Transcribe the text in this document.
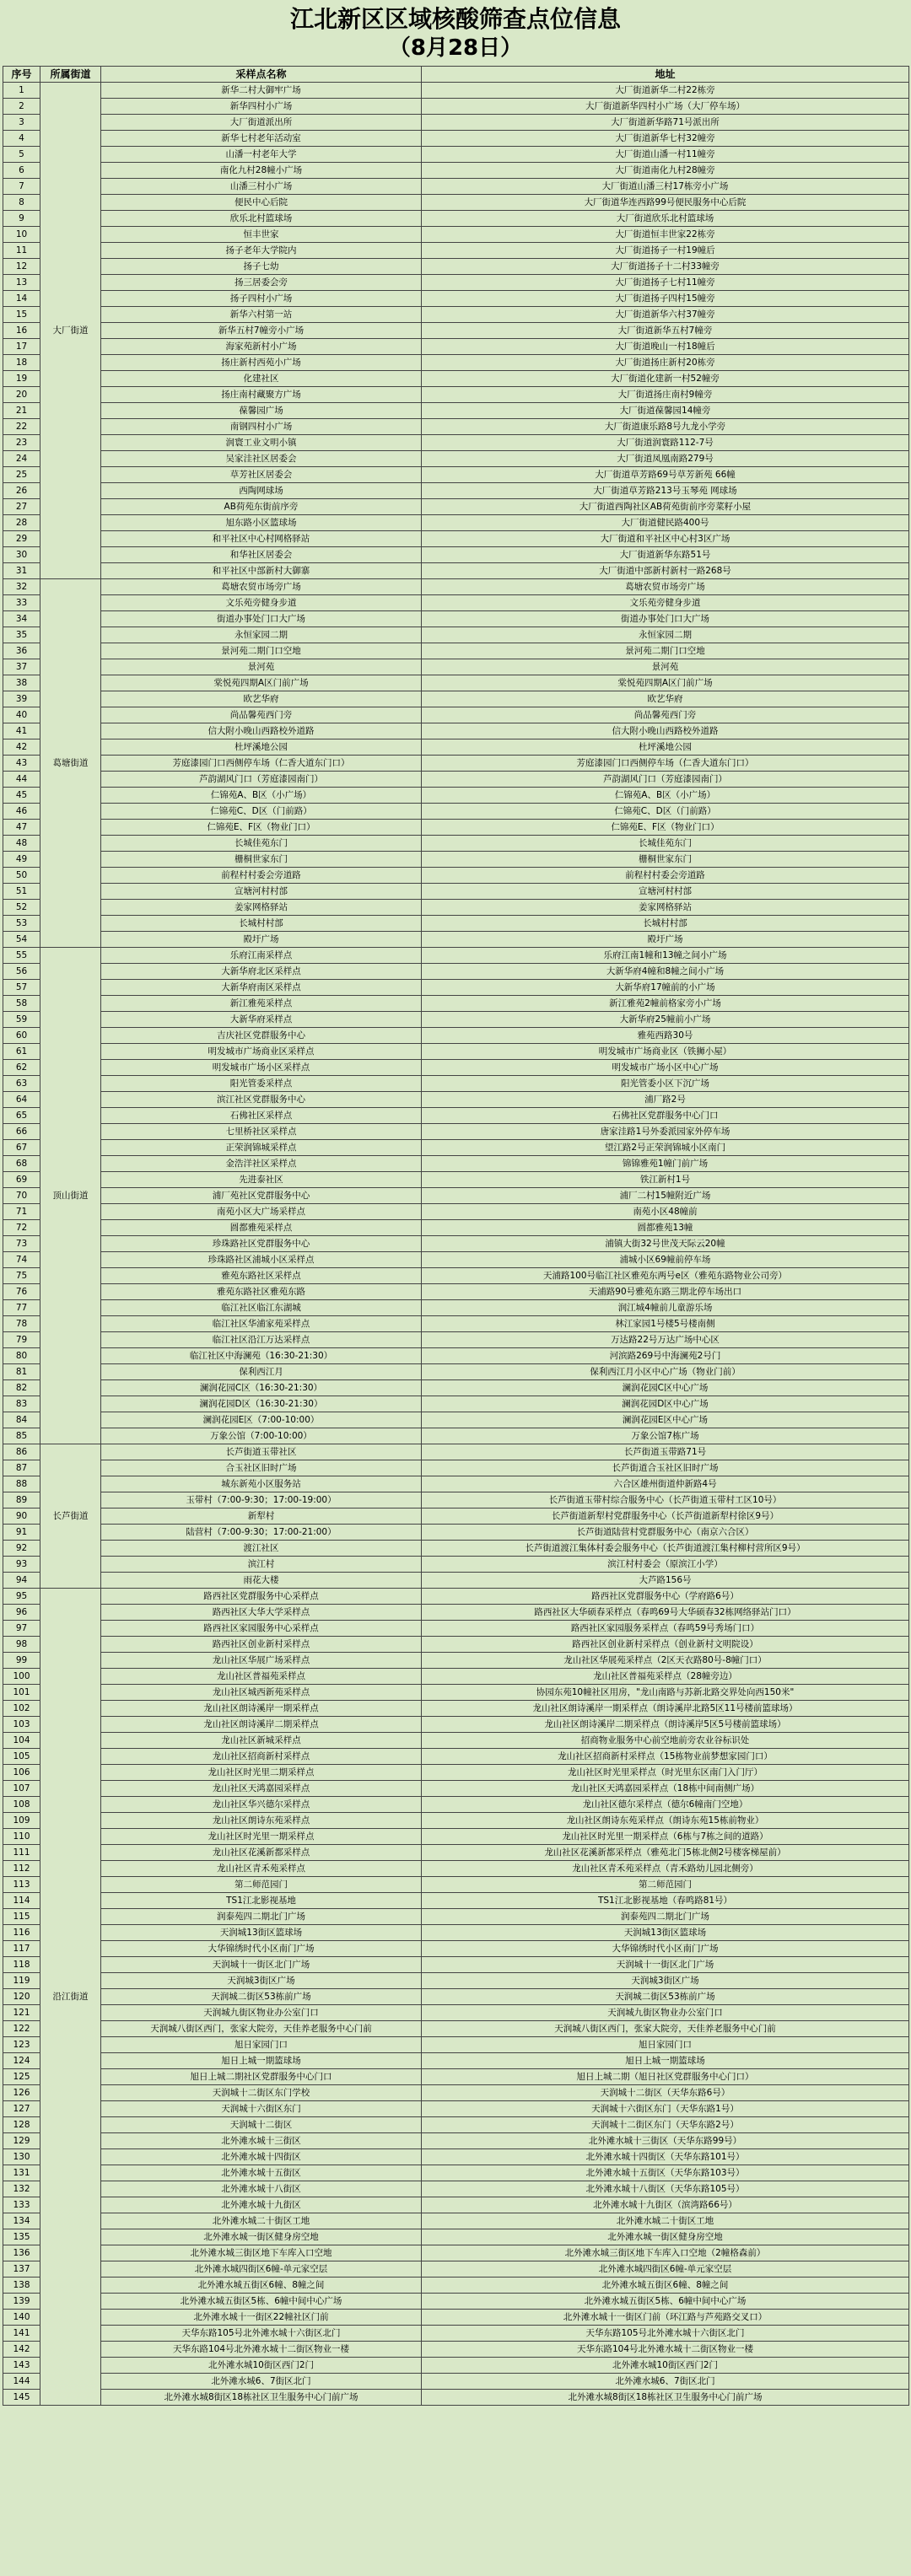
江北新区区域核酸筛查点位信息
（8月28日）
序号	所属街道	采样点名称	地址
1	大厂街道	新华二村大御牢广场	大厂街道新华二村22栋旁
2		新华四村小广场	大厂街道新华四村小广场（大厂停车场）
3		大厂街道派出所	大厂街道新华路71号派出所
4		新华七村老年活动室	大厂街道新华七村32幢旁
5		山潘一村老年大学	大厂街道山潘一村11幢旁
6		南化九村28幢小广场	大厂街道南化九村28幢旁
7		山潘三村小广场	大厂街道山潘三村17栋旁小广场
8		便民中心后院	大厂街道华连西路99号便民服务中心后院
9		欣乐北村篮球场	大厂街道欣乐北村篮球场
10		恒丰世家	大厂街道恒丰世家22栋旁
11		扬子老年大学院内	大厂街道扬子一村19幢后
12		扬子七幼	大厂街道扬子十二村33幢旁
13		扬三居委会旁	大厂街道扬子七村11幢旁
14		扬子四村小广场	大厂街道扬子四村15幢旁
15		新华六村第一站	大厂街道新华六村37幢旁
16		新华五村7幢旁小广场	大厂街道新华五村7幢旁
17		海家苑新村小广场	大厂街道晚山一村18幢后
18		扬庄新村西苑小广场	大厂街道扬庄新村20栋旁
19		化建社区	大厂街道化建新一村52幢旁
20		扬庄南村藏聚方广场	大厂街道扬庄南村9幢旁
21		葆馨园广场	大厂街道葆馨园14幢旁
22		南钢四村小广场	大厂街道康乐路8号九龙小学旁
23		润寰工业文明小镇	大厂街道润寰路112-7号
24		吴家洼社区居委会	大厂街道凤凰南路279号
25		草芳社区居委会	大厂街道草芳路69号草芳新苑 66幢
26		西陶网球场	大厂街道草芳路213号玉琴苑 网球场
27		AB荷苑东街前序旁	大厂街道西陶社区AB荷苑街前序旁菜籽小屋
28		旭东路小区篮球场	大厂街道健民路400号
29		和平社区中心村网格驿站	大厂街道和平社区中心村3区广场
30		和华社区居委会	大厂街道新华东路51号
31		和平社区中部新村大御寨	大厂街道中部新村新村一路268号
32	葛塘街道	葛塘农贸市场旁广场	葛塘农贸市场旁广场
33		文乐苑旁健身步道	文乐苑旁健身步道
34		街道办事处门口大广场	街道办事处门口大广场
35		永恒家园二期	永恒家园二期
36		景河苑二期门口空地	景河苑二期门口空地
37		景河苑	景河苑
38		棠悦苑四期A区门前广场	棠悦苑四期A区门前广场
39		欧艺华府	欧艺华府
40		尚品馨苑西门旁	尚品馨苑西门旁
41		信大附小晚山西路校外道路	信大附小晚山西路校外道路
42		杜坪溪地公园	杜坪溪地公园
43		芳庭漆园门口西侧停车场（仁香大道东门口）	芳庭漆园门口西侧停车场（仁香大道东门口）
44		芦韵湖风门口（芳庭漆园南门）	芦韵湖风门口（芳庭漆园南门）
45		仁锦苑A、B区（小广场）	仁锦苑A、B区（小广场）
46		仁锦苑C、D区（门前路）	仁锦苑C、D区（门前路）
47		仁锦苑E、F区（物业门口）	仁锦苑E、F区（物业门口）
48		长城佳苑东门	长城佳苑东门
49		栅桐世家东门	栅桐世家东门
50		前程村村委会旁道路	前程村村委会旁道路
51		宣塘河村村部	宣塘河村村部
52		姜家网格驿站	姜家网格驿站
53		长城村村部	长城村村部
54		殿圩广场	殿圩广场
55	顶山街道	乐府江南采样点	乐府江南1幢和13幢之间小广场
56		大新华府北区采样点	大新华府4幢和8幢之间小广场
57		大新华府南区采样点	大新华府17幢前的小广场
58		新江雅苑采样点	新江雅苑2幢前格家旁小广场
59		大新华府采样点	大新华府25幢前小广场
60		吉庆社区党群服务中心	雅苑西路30号
61		明发城市广场商业区采样点	明发城市广场商业区（铁狮小屋）
62		明发城市广场小区采样点	明发城市广场小区中心广场
63		阳光管委采样点	阳光管委小区下沉广场
64		滨江社区党群服务中心	浦厂路2号
65		石佛社区采样点	石佛社区党群服务中心门口
66		七里桥社区采样点	唐家洼路1号外委派园家外停车场
67		正荣润锦城采样点	望江路2号正荣润锦城小区南门
68		金浩洋社区采样点	锦锦雅苑1幢门前广场
69		先进泰社区	铁江新村1号
70		浦厂苑社区党群服务中心	浦厂二村15幢附近广场
71		南苑小区大广场采样点	南苑小区48幢前
72		圆都雅苑采样点	圆都雅苑13幢
73		珍珠路社区党群服务中心	浦镇大街32号世茂天际云20幢
74		珍珠路社区浦城小区采样点	浦城小区69幢前停车场
75		雅苑东路社区采样点	天浦路100号临江社区雅苑东两号e区（雅苑东路物业公司旁）
76		雅苑东路社区雅苑东路	天浦路90号雅苑东路三期北停车场出口
77		临江社区临江东湖城	润江城4幢前儿童游乐场
78		临江社区华浦家苑采样点	林江家园1号楼5号楼南侧
79		临江社区沿江万达采样点	万达路22号万达广场中心区
80		临江社区中海澜苑（16:30-21:30）	河滨路269号中海澜苑2号门
81		保利西江月	保利西江月小区中心广场（物业门前）
82		澜润花园C区（16:30-21:30）	澜润花园C区中心广场
83		澜润花园D区（16:30-21:30）	澜润花园D区中心广场
84		澜润花园E区（7:00-10:00）	澜润花园E区中心广场
85		万象公馆（7:00-10:00）	万象公馆7栋广场
86	长芦街道	长芦街道玉带社区	长芦街道玉带路71号
87		合玉社区旧时广场	长芦街道合玉社区旧时广场
88		城东新苑小区服务站	六合区雄州街道仲新路4号
89		玉带村（7:00-9:30；17:00-19:00）	长芦街道玉带村综合服务中心（长芦街道玉带村工区10号）
90		新犁村	长芦街道新犁村党群服务中心（长芦街道新犁村徐区9号）
91		陆营村（7:00-9:30；17:00-21:00）	长芦街道陆营村党群服务中心（南京六合区）
92		渡江社区	长芦街道渡江集体村委会服务中心（长芦街道渡江集村柳村营所区9号）
93		滨江村	滨江村村委会（原滨江小学）
94		雨花大楼	大芦路156号
95	沿江街道	路西社区党群服务中心采样点	路西社区党群服务中心（学府路6号）
96		路西社区大华大学采样点	路西社区大华硕春采样点（春鸣69号大华硕春32栋网络驿站门口）
97		路西社区家园服务中心采样点	路西社区家园服务采样点（春鸣59号秀场门口）
98		路西社区创业新村采样点	路西社区创业新村采样点（创业新村文明院设）
99		龙山社区华展广场采样点	龙山社区华展苑采样点（2区天衣路80号-8幢门口）
100		龙山社区普福苑采样点	龙山社区普福苑采样点（28幢旁边）
101		龙山社区城西新苑采样点	协园东苑10幢社区用房，"龙山南路与苏新北路交界处向西150米"
102		龙山社区朗诗溪岸一期采样点	龙山社区朗诗溪岸一期采样点（朗诗溪岸北路5区11号楼前篮球场）
103		龙山社区朗诗溪岸二期采样点	龙山社区朗诗溪岸二期采样点（朗诗溪岸5区5号楼前篮球场）
104		龙山社区新城采样点	招商物业服务中心前空地前旁农业谷标识处
105		龙山社区招商新村采样点	龙山社区招商新村采样点（15栋物业前梦想家园门口）
106		龙山社区时光里二期采样点	龙山社区时光里采样点（时光里东区南门入门厅）
107		龙山社区天鸿嘉园采样点	龙山社区天鸿嘉园采样点（18栋中间南侧广场）
108		龙山社区华兴德尔采样点	龙山社区德尔采样点（德尔6幢南门空地）
109		龙山社区朗诗东苑采样点	龙山社区朗诗东苑采样点（朗诗东苑15栋前物业）
110		龙山社区时光里一期采样点	龙山社区时光里一期采样点（6栋与7栋之间的道路）
111		龙山社区花溪新都采样点	龙山社区花溪新都采样点（雅苑北门5栋北侧2号楼客梯屋前）
112		龙山社区青禾苑采样点	龙山社区青禾苑采样点（青禾路幼儿园北侧旁）
113		第二师范园门	第二师范园门
114		TS1江北影视基地	TS1江北影视基地（春鸣路81号）
115		润泰苑四二期北门广场	润泰苑四二期北门广场
116		天润城13街区篮球场	天润城13街区篮球场
117		大华锦绣时代小区南门广场	大华锦绣时代小区南门广场
118		天润城十一街区北门广场	天润城十一街区北门广场
119		天润城3街区广场	天润城3街区广场
120		天润城二街区53栋前广场	天润城二街区53栋前广场
121		天润城九街区物业办公室门口	天润城九街区物业办公室门口
122		天润城八街区西门，张家大院旁，天佳养老服务中心门前	天润城八街区西门，张家大院旁，天佳养老服务中心门前
123		旭日家园门口	旭日家园门口
124		旭日上城一期篮球场	旭日上城一期篮球场
125		旭日上城二期社区党群服务中心门口	旭日上城二期（旭日社区党群服务中心门口）
126		天润城十二街区东门学校	天润城十二街区（天华东路6号）
127		天润城十六街区东门	天润城十六街区东门（天华东路1号）
128		天润城十二街区	天润城十二街区东门（天华东路2号）
129		北外滩水城十三街区	北外滩水城十三街区（天华东路99号）
130		北外滩水城十四街区	北外滩水城十四街区（天华东路101号）
131		北外滩水城十五街区	北外滩水城十五街区（天华东路103号）
132		北外滩水城十八街区	北外滩水城十八街区（天华东路105号）
133		北外滩水城十九街区	北外滩水城十九街区（滨湾路66号）
134		北外滩水城二十街区工地	北外滩水城二十街区工地
135		北外滩水城一街区健身房空地	北外滩水城一街区健身房空地
136		北外滩水城三街区地下车库入口空地	北外滩水城三街区地下车库入口空地（2幢格森前）
137		北外滩水城四街区6幢-单元家空层	北外滩水城四街区6幢-单元家空层
138		北外滩水城五街区6幢、8幢之间	北外滩水城五街区6幢、8幢之间
139		北外滩水城五街区5栋、6幢中间中心广场	北外滩水城五街区5栋、6幢中间中心广场
140		北外滩水城十一街区22幢社区门前	北外滩水城十一街区门前（环江路与芦苑路交叉口）
141		天华东路105号北外滩水城十六街区北门	天华东路105号北外滩水城十六街区北门
142		天华东路104号北外滩水城十二街区物业一楼	天华东路104号北外滩水城十二街区物业一楼
143		北外滩水城10街区西门2门	北外滩水城10街区西门2门
144		北外滩水城6、7街区北门	北外滩水城6、7街区北门
145		北外滩水城8街区18栋社区卫生服务中心门前广场	北外滩水城8街区18栋社区卫生服务中心门前广场
